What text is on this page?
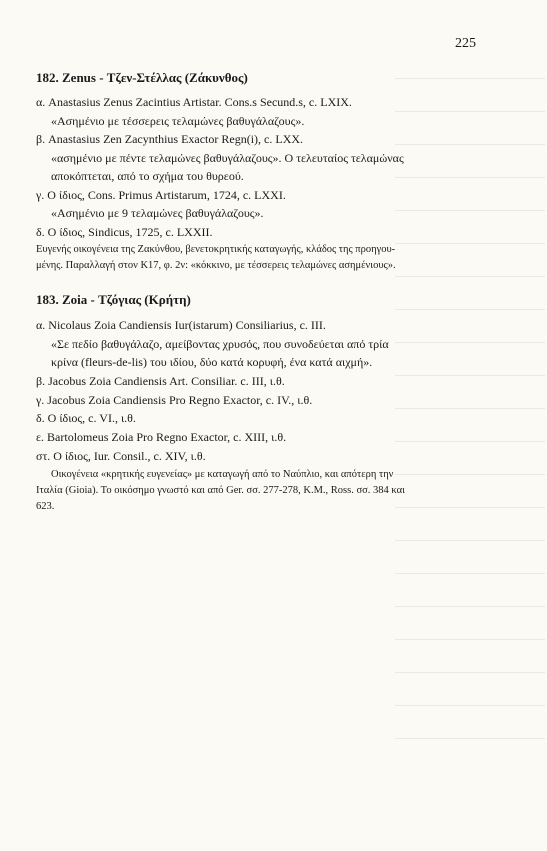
225
182. Zenus - Τζεν-Στέλλας (Ζάκυνθος)
α. Anastasius Zenus Zacintius Artistar. Cons.s Secund.s, c. LXIX.
«Ασημένιο με τέσσερεις τελαμώνες βαθυγάλαζους».
β. Anastasius Zen Zacynthius Exactor Regn(i), c. LXX.
«ασημένιο με πέντε τελαμώνες βαθυγάλαζους». Ο τελευταίος τελαμώνας
αποκόπτεται, από το σχήμα του θυρεού.
γ. Ο ίδιος, Cons. Primus Artistarum, 1724, c. LXXI.
«Ασημένιο με 9 τελαμώνες βαθυγάλαζους».
δ. Ο ίδιος, Sindicus, 1725, c. LXXII.
Ευγενής οικογένεια της Ζακύνθου, βενετοκρητικής καταγωγής, κλάδος της προηγου-
μένης. Παραλλαγή στον Κ17, φ. 2ν: «κόκκινο, με τέσσερεις τελαμώνες ασημένιους».
183. Zoia - Τζόγιας (Κρήτη)
α. Nicolaus Zoia Candiensis Iur(istarum) Consiliarius, c. III.
«Σε πεδίο βαθυγάλαζο, αμείβοντας χρυσός, που συνοδεύεται από τρία
κρίνα (fleurs-de-lis) του ιδίου, δύο κατά κορυφή, ένα κατά αιχμή».
β. Jacobus Zoia Candiensis Art. Consiliar. c. III, ι.θ.
γ. Jacobus Zoia Candiensis Pro Regno Exactor, c. IV., ι.θ.
δ. Ο ίδιος, c. VI., ι.θ.
ε. Bartolomeus Zoia Pro Regno Exactor, c. XIII, ι.θ.
στ. Ο ίδιος, Iur. Consil., c. XIV, ι.θ.
Οικογένεια «κρητικής ευγενείας» με καταγωγή από το Ναύπλιο, και απότερη την
Ιταλία (Gioia). Το οικόσημο γνωστό και από Ger. σσ. 277-278, K.M., Ross. σσ. 384 και
623.
